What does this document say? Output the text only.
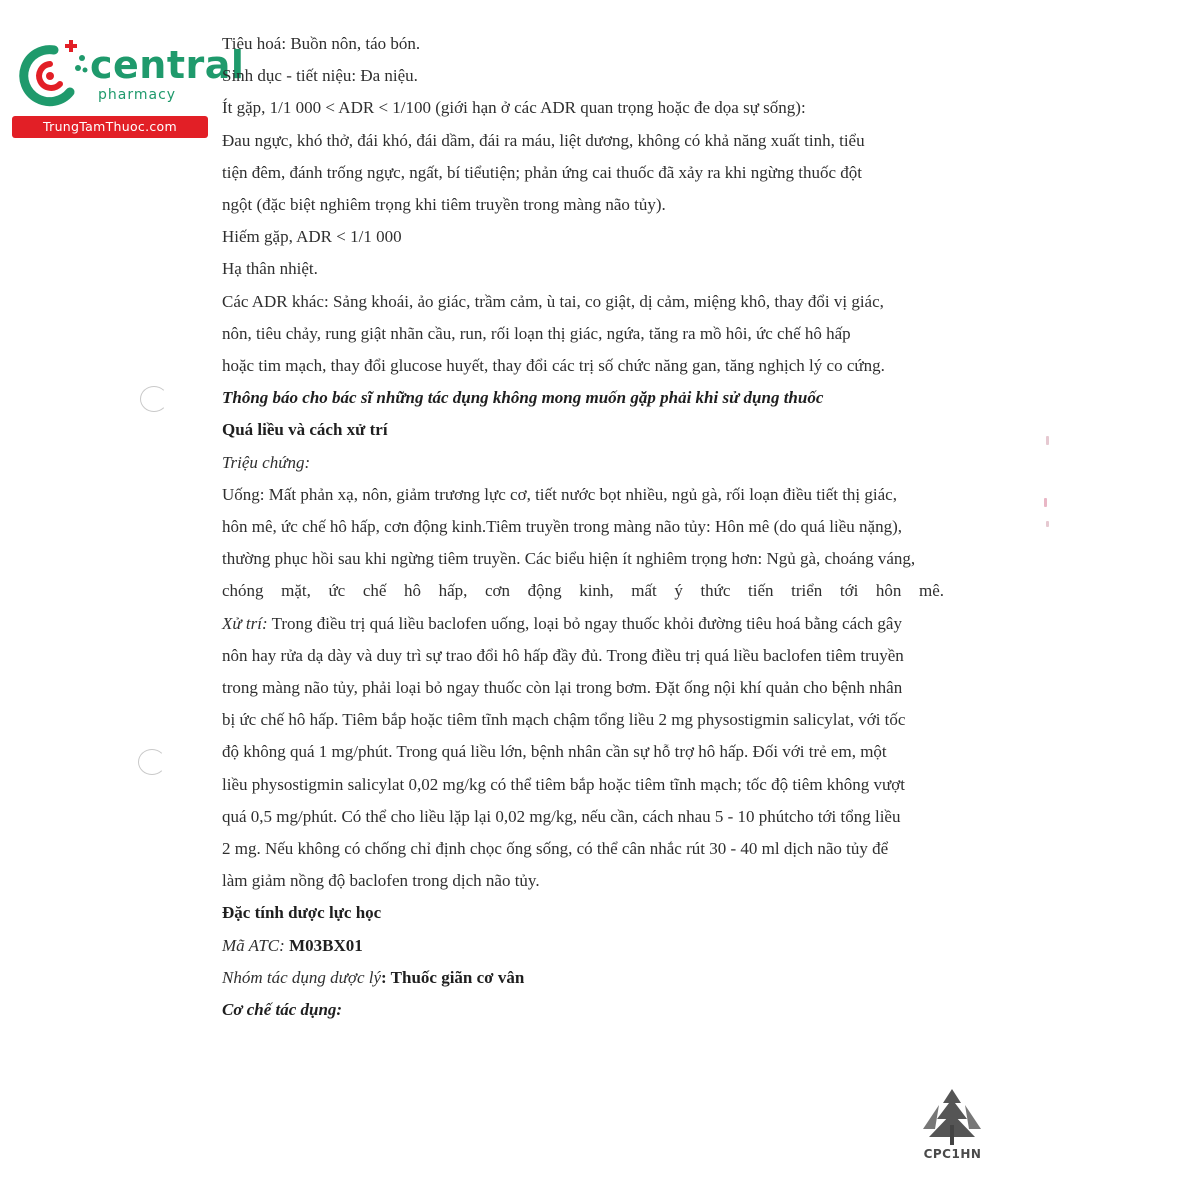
central
pharmacy
TrungTamThuoc.com
Tiêu hoá: Buồn nôn, táo bón.
Sinh dục - tiết niệu: Đa niệu.
Ít gặp, 1/1 000 < ADR < 1/100 (giới hạn ở các ADR quan trọng hoặc đe dọa sự sống):
Đau ngực, khó thở, đái khó, đái dầm, đái ra máu, liệt dương, không có khả năng xuất tinh, tiểu
tiện đêm, đánh trống ngực, ngất, bí tiểutiện; phản ứng cai thuốc đã xảy ra khi ngừng thuốc đột
ngột (đặc biệt nghiêm trọng khi tiêm truyền trong màng não tủy).
Hiếm gặp, ADR < 1/1 000
Hạ thân nhiệt.
Các ADR khác: Sảng khoái, ảo giác, trầm cảm, ù tai, co giật, dị cảm, miệng khô, thay đổi vị giác,
nôn, tiêu chảy, rung giật nhãn cầu, run, rối loạn thị giác, ngứa, tăng ra mồ hôi, ức chế hô hấp
hoặc tim mạch, thay đổi glucose huyết, thay đổi các trị số chức năng gan, tăng nghịch lý co cứng.
Thông báo cho bác sĩ những tác dụng không mong muốn gặp phải khi sử dụng thuốc
Quá liều và cách xử trí
Triệu chứng:
Uống: Mất phản xạ, nôn, giảm trương lực cơ, tiết nước bọt nhiều, ngủ gà, rối loạn điều tiết thị giác,
hôn mê, ức chế hô hấp, cơn động kinh.Tiêm truyền trong màng não tủy: Hôn mê (do quá liều nặng),
thường phục hồi sau khi ngừng tiêm truyền. Các biểu hiện ít nghiêm trọng hơn: Ngủ gà, choáng váng,
chóng mặt, ức chế hô hấp, cơn động kinh, mất ý thức tiến triển tới hôn mê.
Xử trí: Trong điều trị quá liều baclofen uống, loại bỏ ngay thuốc khỏi đường tiêu hoá bằng cách gây
nôn hay rửa dạ dày và duy trì sự trao đổi hô hấp đầy đủ. Trong điều trị quá liều baclofen tiêm truyền
trong màng não tủy, phải loại bỏ ngay thuốc còn lại trong bơm. Đặt ống nội khí quản cho bệnh nhân
bị ức chế hô hấp. Tiêm bắp hoặc tiêm tĩnh mạch chậm tổng liều 2 mg physostigmin salicylat, với tốc
độ không quá 1 mg/phút. Trong quá liều lớn, bệnh nhân cần sự hỗ trợ hô hấp. Đối với trẻ em, một
liều physostigmin salicylat 0,02 mg/kg có thể tiêm bắp hoặc tiêm tĩnh mạch; tốc độ tiêm không vượt
quá 0,5 mg/phút. Có thể cho liều lặp lại 0,02 mg/kg, nếu cần, cách nhau 5 - 10 phútcho tới tổng liều
2 mg. Nếu không có chống chỉ định chọc ống sống, có thể cân nhắc rút 30 - 40 ml dịch não tủy để
làm giảm nồng độ baclofen trong dịch não tủy.
Đặc tính dược lực học
Mã ATC: M03BX01
Nhóm tác dụng dược lý: Thuốc giãn cơ vân
Cơ chế tác dụng:
CPC1HN
